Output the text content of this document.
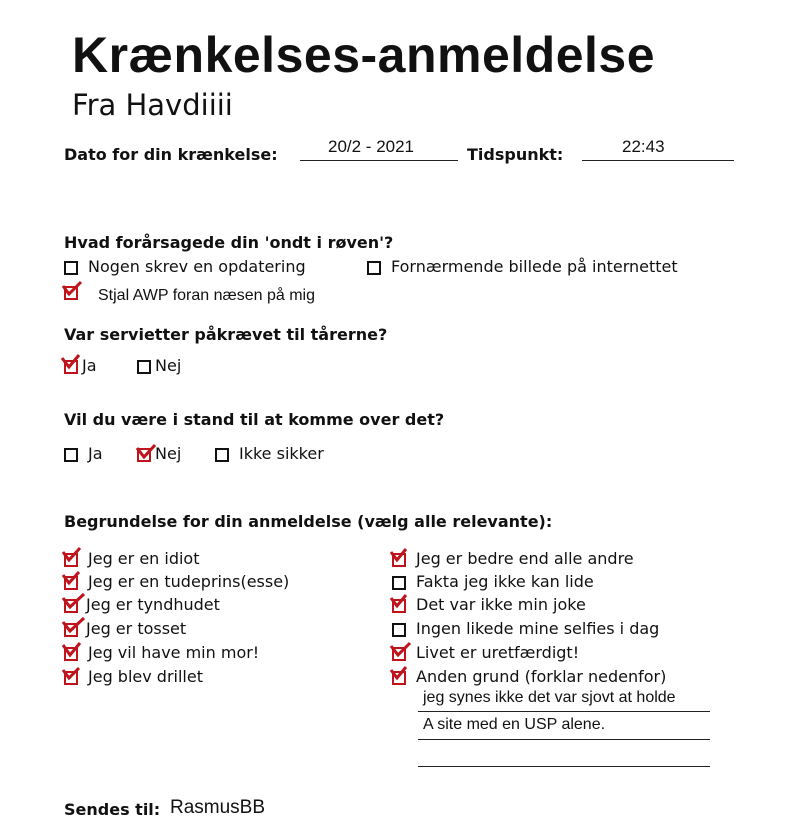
Krænkelses-anmeldelse
Fra Havdiiii
Dato for din krænkelse:	20/2 - 2021	Tidspunkt:	22:43
Hvad forårsagede din 'ondt i røven'?
Nogen skrev en opdatering	Fornærmende billede på internettet
Stjal AWP foran næsen på mig
Var servietter påkrævet til tårerne?
Ja	Nej
Vil du være i stand til at komme over det?
Ja	Nej	Ikke sikker
Begrundelse for din anmeldelse (vælg alle relevante):
Jeg er en idiot
Jeg er en tudeprins(esse)
Jeg er tyndhudet
Jeg er tosset
Jeg vil have min mor!
Jeg blev drillet
Jeg er bedre end alle andre
Fakta jeg ikke kan lide
Det var ikke min joke
Ingen likede mine selfies i dag
Livet er uretfærdigt!
Anden grund (forklar nedenfor)
jeg synes ikke det var sjovt at holde
A site med en USP alene.
Sendes til: RasmusBB
